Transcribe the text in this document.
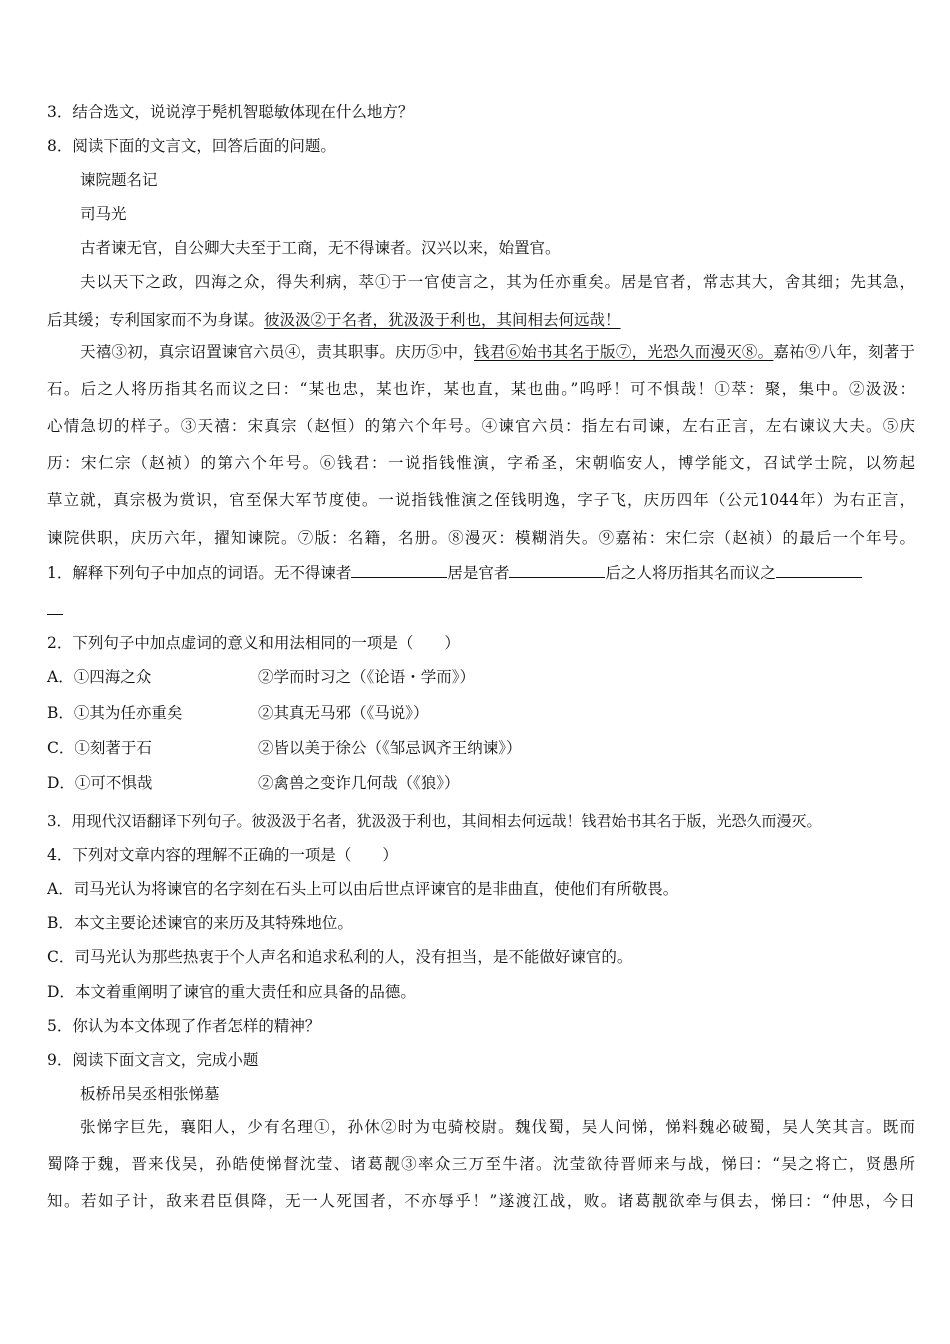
3．结合选文，说说淳于髡机智聪敏体现在什么地方？
8．阅读下面的文言文，回答后面的问题。
谏院题名记
司马光
古者谏无官，自公卿大夫至于工商，无不得谏者。汉兴以来，始置官。
夫以天下之政，四海之众，得失利病，萃①于一官使言之，其为任亦重矣。居是官者，常志其大，舍其细；先其急，
后其缓；专利国家而不为身谋。彼汲汲②于名者，犹汲汲于利也，其间相去何远哉！
天禧③初，真宗诏置谏官六员④，责其职事。庆历⑤中，钱君⑥始书其名于版⑦，光恐久而漫灭⑧。嘉祐⑨八年，刻著于
石。后之人将历指其名而议之曰：“某也忠，某也诈，某也直，某也曲。”呜呼！可不惧哉！①萃：聚，集中。②汲汲：
心情急切的样子。③天禧：宋真宗（赵恒）的第六个年号。④谏官六员：指左右司谏，左右正言，左右谏议大夫。⑤庆
历：宋仁宗（赵祯）的第六个年号。⑥钱君：一说指钱惟演，字希圣，宋朝临安人，博学能文，召试学士院，以笏起
草立就，真宗极为赏识，官至保大军节度使。一说指钱惟演之侄钱明逸，字子飞，庆历四年（公元1044年）为右正言，
谏院供职，庆历六年，擢知谏院。⑦版：名籍，名册。⑧漫灭：模糊消失。⑨嘉祐：宋仁宗（赵祯）的最后一个年号。
1．解释下列句子中加点的词语。无不得谏者	居是官者	后之人将历指其名而议之
2．下列句子中加点虚词的意义和用法相同的一项是（　　）
A．①四海之众	②学而时习之（《论语・学而》）
B．①其为任亦重矣	②其真无马邪（《马说》）
C．①刻著于石	②皆以美于徐公（《邹忌讽齐王纳谏》）
D．①可不惧哉	②禽兽之变诈几何哉（《狼》）
3．用现代汉语翻译下列句子。彼汲汲于名者，犹汲汲于利也，其间相去何远哉！钱君始书其名于版，光恐久而漫灭。
4．下列对文章内容的理解不正确的一项是（　　）
A．司马光认为将谏官的名字刻在石头上可以由后世点评谏官的是非曲直，使他们有所敬畏。
B．本文主要论述谏官的来历及其特殊地位。
C．司马光认为那些热衷于个人声名和追求私利的人，没有担当，是不能做好谏官的。
D．本文着重阐明了谏官的重大责任和应具备的品德。
5．你认为本文体现了作者怎样的精神？
9．阅读下面文言文，完成小题
板桥吊吴丞相张悌墓
张悌字巨先，襄阳人，少有名理①，孙休②时为屯骑校尉。魏伐蜀，吴人问悌，悌料魏必破蜀，吴人笑其言。既而
蜀降于魏，晋来伐吴，孙皓使悌督沈莹、诸葛靓③率众三万至牛渚。沈莹欲待晋师来与战，悌曰：“吴之将亡，贤愚所
知。若如子计，敌来君臣俱降，无一人死国者，不亦辱乎！”遂渡江战，败。诸葛靓欲牵与俱去，悌曰：“仲思，今日
